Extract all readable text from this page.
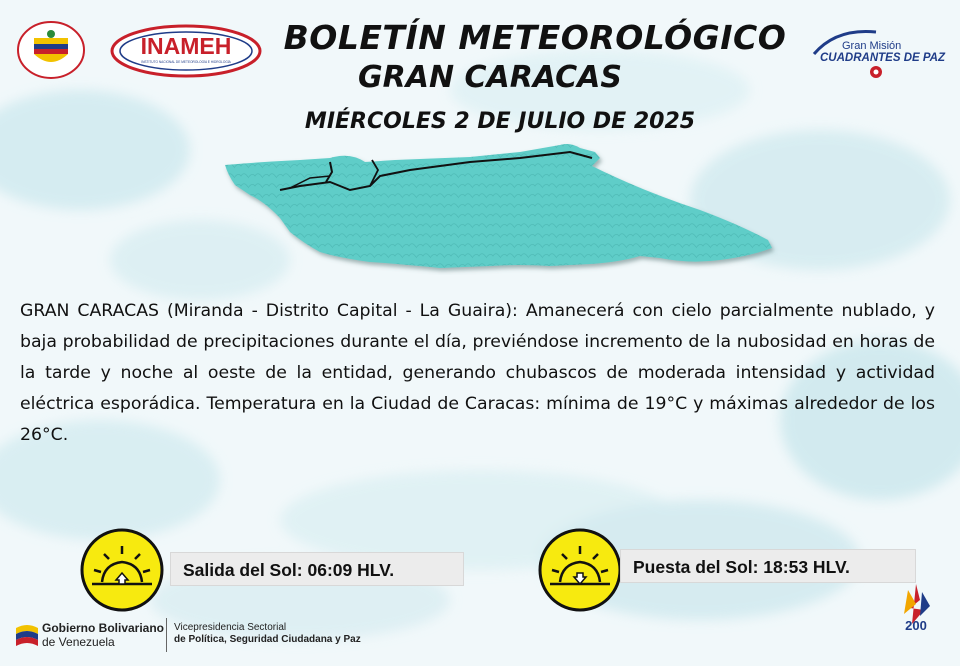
INAMEH
INSTITUTO NACIONAL DE METEOROLOGÍA E HIDROLOGÍA
BOLETÍN METEOROLÓGICO
GRAN CARACAS
MIÉRCOLES 2 DE JULIO DE 2025
Gran Misión
CUADRANTES DE PAZ
GRAN CARACAS (Miranda - Distrito Capital - La Guaira): Amanecerá con cielo parcialmente nublado, y baja probabilidad de precipitaciones durante el día, previéndose incremento de la nubosidad en horas de la tarde y noche al oeste de la entidad, generando chubascos de moderada intensidad y actividad eléctrica esporádica. Temperatura en la Ciudad de Caracas: mínima de 19°C y máximas alrededor de los 26°C.
Salida del Sol: 06:09 HLV.	Puesta del Sol: 18:53 HLV.
Gobierno Bolivariano
de Venezuela
Vicepresidencia Sectorial
de Política, Seguridad Ciudadana y Paz
200
